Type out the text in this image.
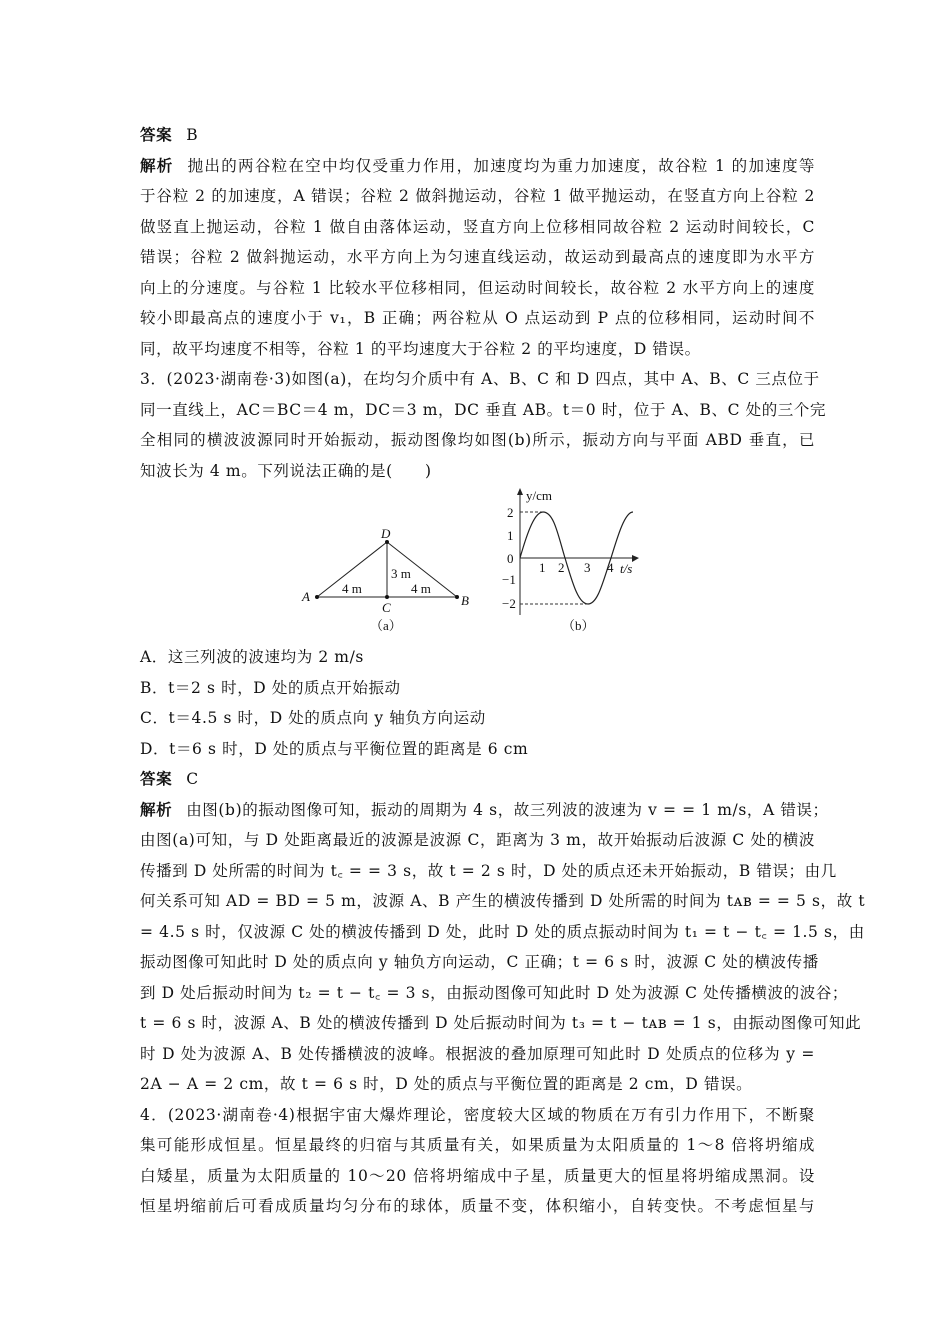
答案 B
解析 抛出的两谷粒在空中均仅受重力作用，加速度均为重力加速度，故谷粒 1 的加速度等
于谷粒 2 的加速度，A 错误；谷粒 2 做斜抛运动，谷粒 1 做平抛运动，在竖直方向上谷粒 2
做竖直上抛运动，谷粒 1 做自由落体运动，竖直方向上位移相同故谷粒 2 运动时间较长，C
错误；谷粒 2 做斜抛运动，水平方向上为匀速直线运动，故运动到最高点的速度即为水平方
向上的分速度。与谷粒 1 比较水平位移相同，但运动时间较长，故谷粒 2 水平方向上的速度
较小即最高点的速度小于 v₁，B 正确；两谷粒从 O 点运动到 P 点的位移相同，运动时间不
同，故平均速度不相等，谷粒 1 的平均速度大于谷粒 2 的平均速度，D 错误。
3．(2023·湖南卷·3)如图(a)，在均匀介质中有 A、B、C 和 D 四点，其中 A、B、C 三点位于
同一直线上，AC＝BC＝4 m，DC＝3 m，DC 垂直 AB。t＝0 时，位于 A、B、C 处的三个完
全相同的横波波源同时开始振动，振动图像均如图(b)所示，振动方向与平面 ABD 垂直，已
知波长为 4 m。下列说法正确的是(　　)
A	B
C
D
4 m	4 m
3 m
（a）
y/cm
t/s
2
1
0
−1
−2
1 2 3 4
（b）
A．这三列波的波速均为 2 m/s
B．t＝2 s 时，D 处的质点开始振动
C．t＝4.5 s 时，D 处的质点向 y 轴负方向运动
D．t＝6 s 时，D 处的质点与平衡位置的距离是 6 cm
答案 C
解析 由图(b)的振动图像可知，振动的周期为 4 s，故三列波的波速为 v = = 1 m/s，A 错误；
由图(a)可知，与 D 处距离最近的波源是波源 C，距离为 3 m，故开始振动后波源 C 处的横波
传播到 D 处所需的时间为 t꜀ = = 3 s，故 t = 2 s 时，D 处的质点还未开始振动，B 错误；由几
何关系可知 AD = BD = 5 m，波源 A、B 产生的横波传播到 D 处所需的时间为 tᴀʙ = = 5 s，故 t
= 4.5 s 时，仅波源 C 处的横波传播到 D 处，此时 D 处的质点振动时间为 t₁ = t − t꜀ = 1.5 s，由
振动图像可知此时 D 处的质点向 y 轴负方向运动，C 正确；t = 6 s 时，波源 C 处的横波传播
到 D 处后振动时间为 t₂ = t − t꜀ = 3 s，由振动图像可知此时 D 处为波源 C 处传播横波的波谷；
t = 6 s 时，波源 A、B 处的横波传播到 D 处后振动时间为 t₃ = t − tᴀʙ = 1 s，由振动图像可知此
时 D 处为波源 A、B 处传播横波的波峰。根据波的叠加原理可知此时 D 处质点的位移为 y =
2A − A = 2 cm，故 t = 6 s 时，D 处的质点与平衡位置的距离是 2 cm，D 错误。
4．(2023·湖南卷·4)根据宇宙大爆炸理论，密度较大区域的物质在万有引力作用下，不断聚
集可能形成恒星。恒星最终的归宿与其质量有关，如果质量为太阳质量的 1～8 倍将坍缩成
白矮星，质量为太阳质量的 10～20 倍将坍缩成中子星，质量更大的恒星将坍缩成黑洞。设
恒星坍缩前后可看成质量均匀分布的球体，质量不变，体积缩小，自转变快。不考虑恒星与
